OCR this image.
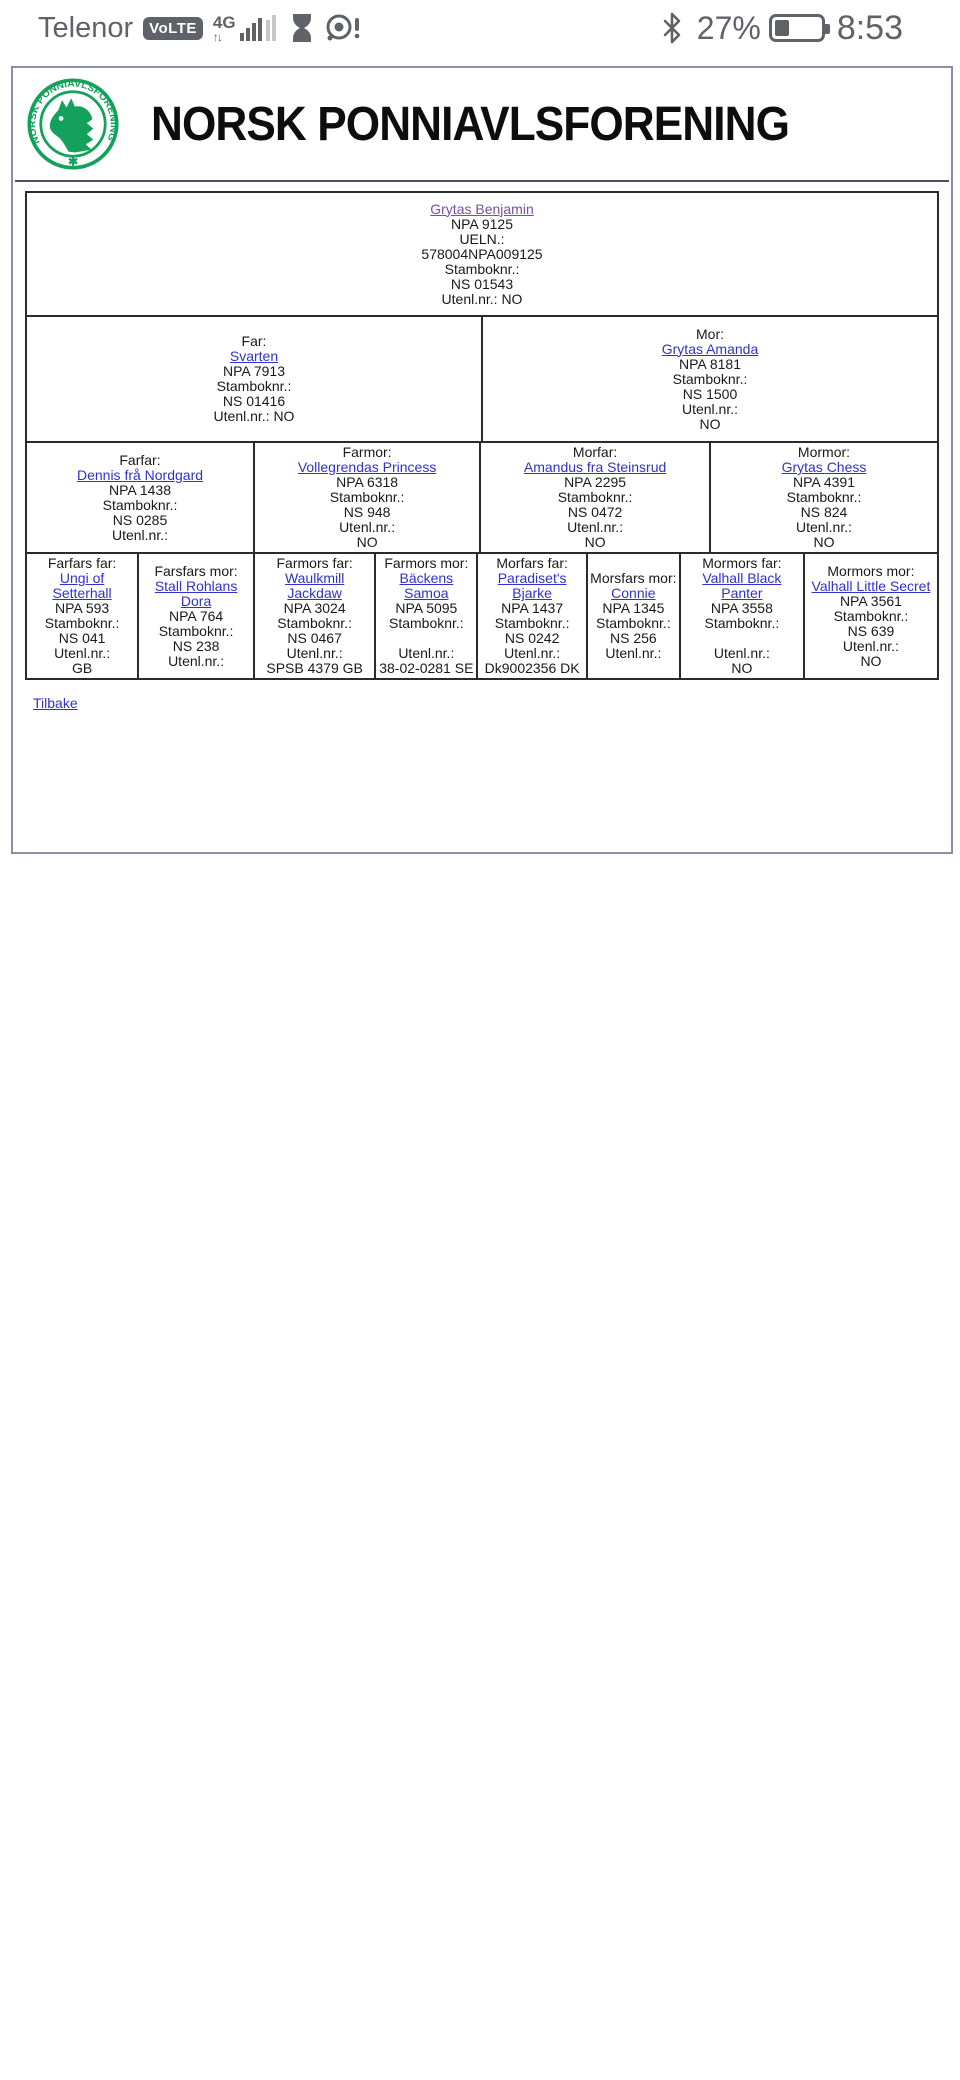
Telenor	VoLTE 4G
↑↓	27% 8:53
NORSK PONNIAVLSFORENING
✱
NORSK PONNIAVLSFORENING
Grytas Benjamin
NPA 9125
UELN.:
578004NPA009125
Stamboknr.:
NS 01543
Utenl.nr.: NO
Far:
Svarten
NPA 7913
Stamboknr.:
NS 01416
Utenl.nr.: NO

Mor:
Grytas Amanda
NPA 8181
Stamboknr.:
NS 1500
Utenl.nr.:
NO
Farfar:
Dennis frå Nordgard
NPA 1438
Stamboknr.:
NS 0285
Utenl.nr.:

Farmor:
Vollegrendas Princess
NPA 6318
Stamboknr.:
NS 948
Utenl.nr.:
NO

Morfar:
Amandus fra Steinsrud
NPA 2295
Stamboknr.:
NS 0472
Utenl.nr.:
NO

Mormor:
Grytas Chess
NPA 4391
Stamboknr.:
NS 824
Utenl.nr.:
NO
Farfars far:
Ungi of Setterhall
NPA 593
Stamboknr.:
NS 041
Utenl.nr.:
GB

Farsfars mor:
Stall Rohlans Dora
NPA 764
Stamboknr.:
NS 238
Utenl.nr.:

Farmors far:
Waulkmill Jackdaw
NPA 3024
Stamboknr.:
NS 0467
Utenl.nr.:
SPSB 4379 GB

Farmors mor:
Bäckens Samoa
NPA 5095
Stamboknr.:

Utenl.nr.:
38-02-0281 SE

Morfars far:
Paradiset's Bjarke
NPA 1437
Stamboknr.:
NS 0242
Utenl.nr.:
Dk9002356 DK

Morsfars mor:
Connie
NPA 1345
Stamboknr.:
NS 256
Utenl.nr.:

Mormors far:
Valhall Black Panter
NPA 3558
Stamboknr.:

Utenl.nr.:
NO

Mormors mor:
Valhall Little Secret
NPA 3561
Stamboknr.:
NS 639
Utenl.nr.:
NO
Tilbake
